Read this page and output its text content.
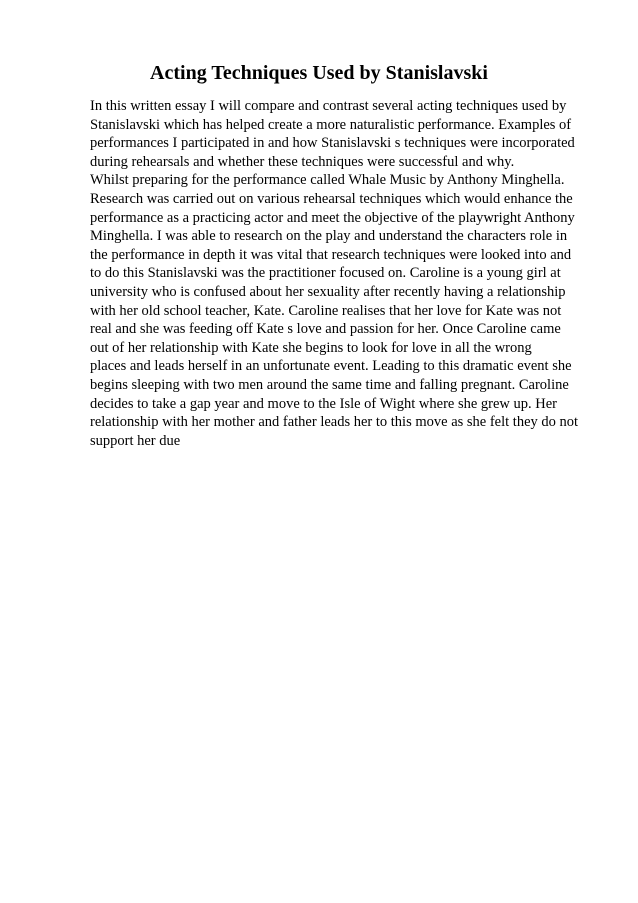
Acting Techniques Used by Stanislavski
In this written essay I will compare and contrast several acting techniques used by
Stanislavski which has helped create a more naturalistic performance. Examples of
performances I participated in and how Stanislavski s techniques were incorporated
during rehearsals and whether these techniques were successful and why.
Whilst preparing for the performance called Whale Music by Anthony Minghella.
Research was carried out on various rehearsal techniques which would enhance the
performance as a practicing actor and meet the objective of the playwright Anthony
Minghella. I was able to research on the play and understand the characters role in
the performance in depth it was vital that research techniques were looked into and
to do this Stanislavski was the practitioner focused on. Caroline is a young girl at
university who is confused about her sexuality after recently having a relationship
with her old school teacher, Kate. Caroline realises that her love for Kate was not
real and she was feeding off Kate s love and passion for her. Once Caroline came
out of her relationship with Kate she begins to look for love in all the wrong
places and leads herself in an unfortunate event. Leading to this dramatic event she
begins sleeping with two men around the same time and falling pregnant. Caroline
decides to take a gap year and move to the Isle of Wight where she grew up. Her
relationship with her mother and father leads her to this move as she felt they do not
support her due
